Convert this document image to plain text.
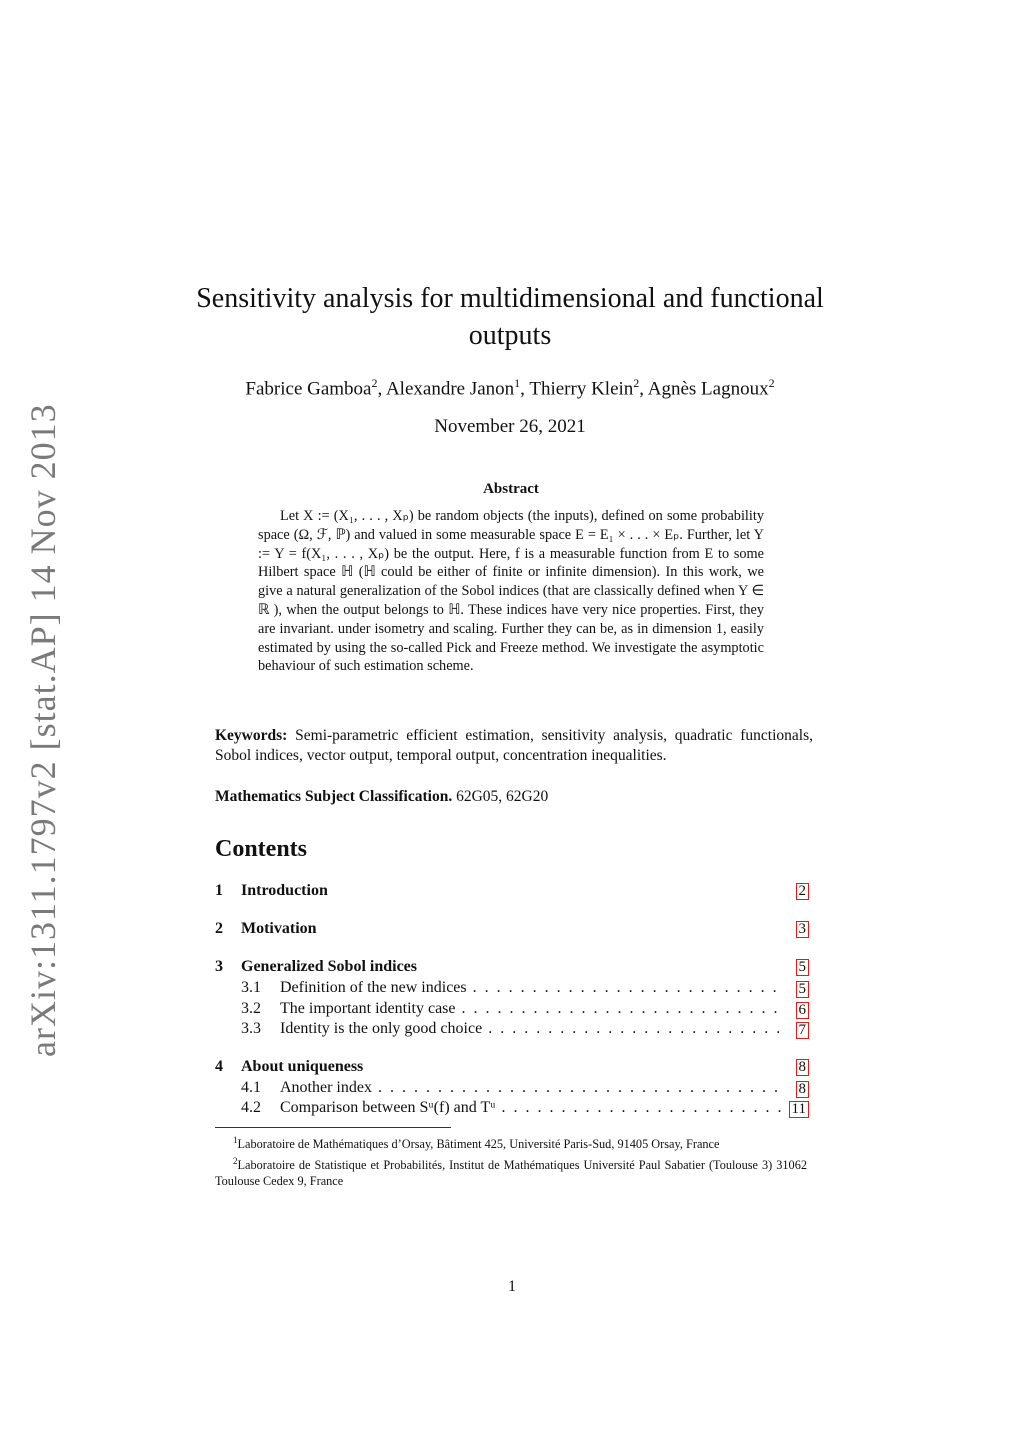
arXiv:1311.1797v2 [stat.AP] 14 Nov 2013
Sensitivity analysis for multidimensional and functional outputs
Fabrice Gamboa$^2$, Alexandre Janon$^1$, Thierry Klein$^2$, Agnès Lagnoux$^2$
November 26, 2021
Abstract

Let X := (X₁, . . . , Xₚ) be random objects (the inputs), defined on some probability space (Ω, ℱ, ℙ) and valued in some measurable space E = E₁ × . . . × Eₚ. Further, let Y := Y = f(X₁, . . . , Xₚ) be the output. Here, f is a measurable function from E to some Hilbert space ℍ (ℍ could be either of finite or infinite dimension). In this work, we give a natural generalization of the Sobol indices (that are classically defined when Y ∈ ℝ ), when the output belongs to ℍ. These indices have very nice properties. First, they are invariant. under isometry and scaling. Further they can be, as in dimension 1, easily estimated by using the so-called Pick and Freeze method. We investigate the asymptotic behaviour of such estimation scheme.

Keywords: Semi-parametric efficient estimation, sensitivity analysis, quadratic functionals, Sobol indices, vector output, temporal output, concentration inequalities.
Mathematics Subject Classification. 62G05, 62G20
Contents
1 Introduction	2
2 Motivation	3
3 Generalized Sobol indices	5
3.1 Definition of the new indices . . .	5
3.2 The important identity case . . .	6
3.3 Identity is the only good choice . . .	7
4 About uniqueness	8
4.1 Another index . . .	8
4.2 Comparison between Sᵘ(f) and Tᵘ . . .	11

$^1$Laboratoire de Mathématiques d’Orsay, Bâtiment 425, Université Paris-Sud, 91405 Orsay, France

$^2$Laboratoire de Statistique et Probabilités, Institut de Mathématiques Université Paul Sabatier (Toulouse 3) 31062 Toulouse Cedex 9, France

1
